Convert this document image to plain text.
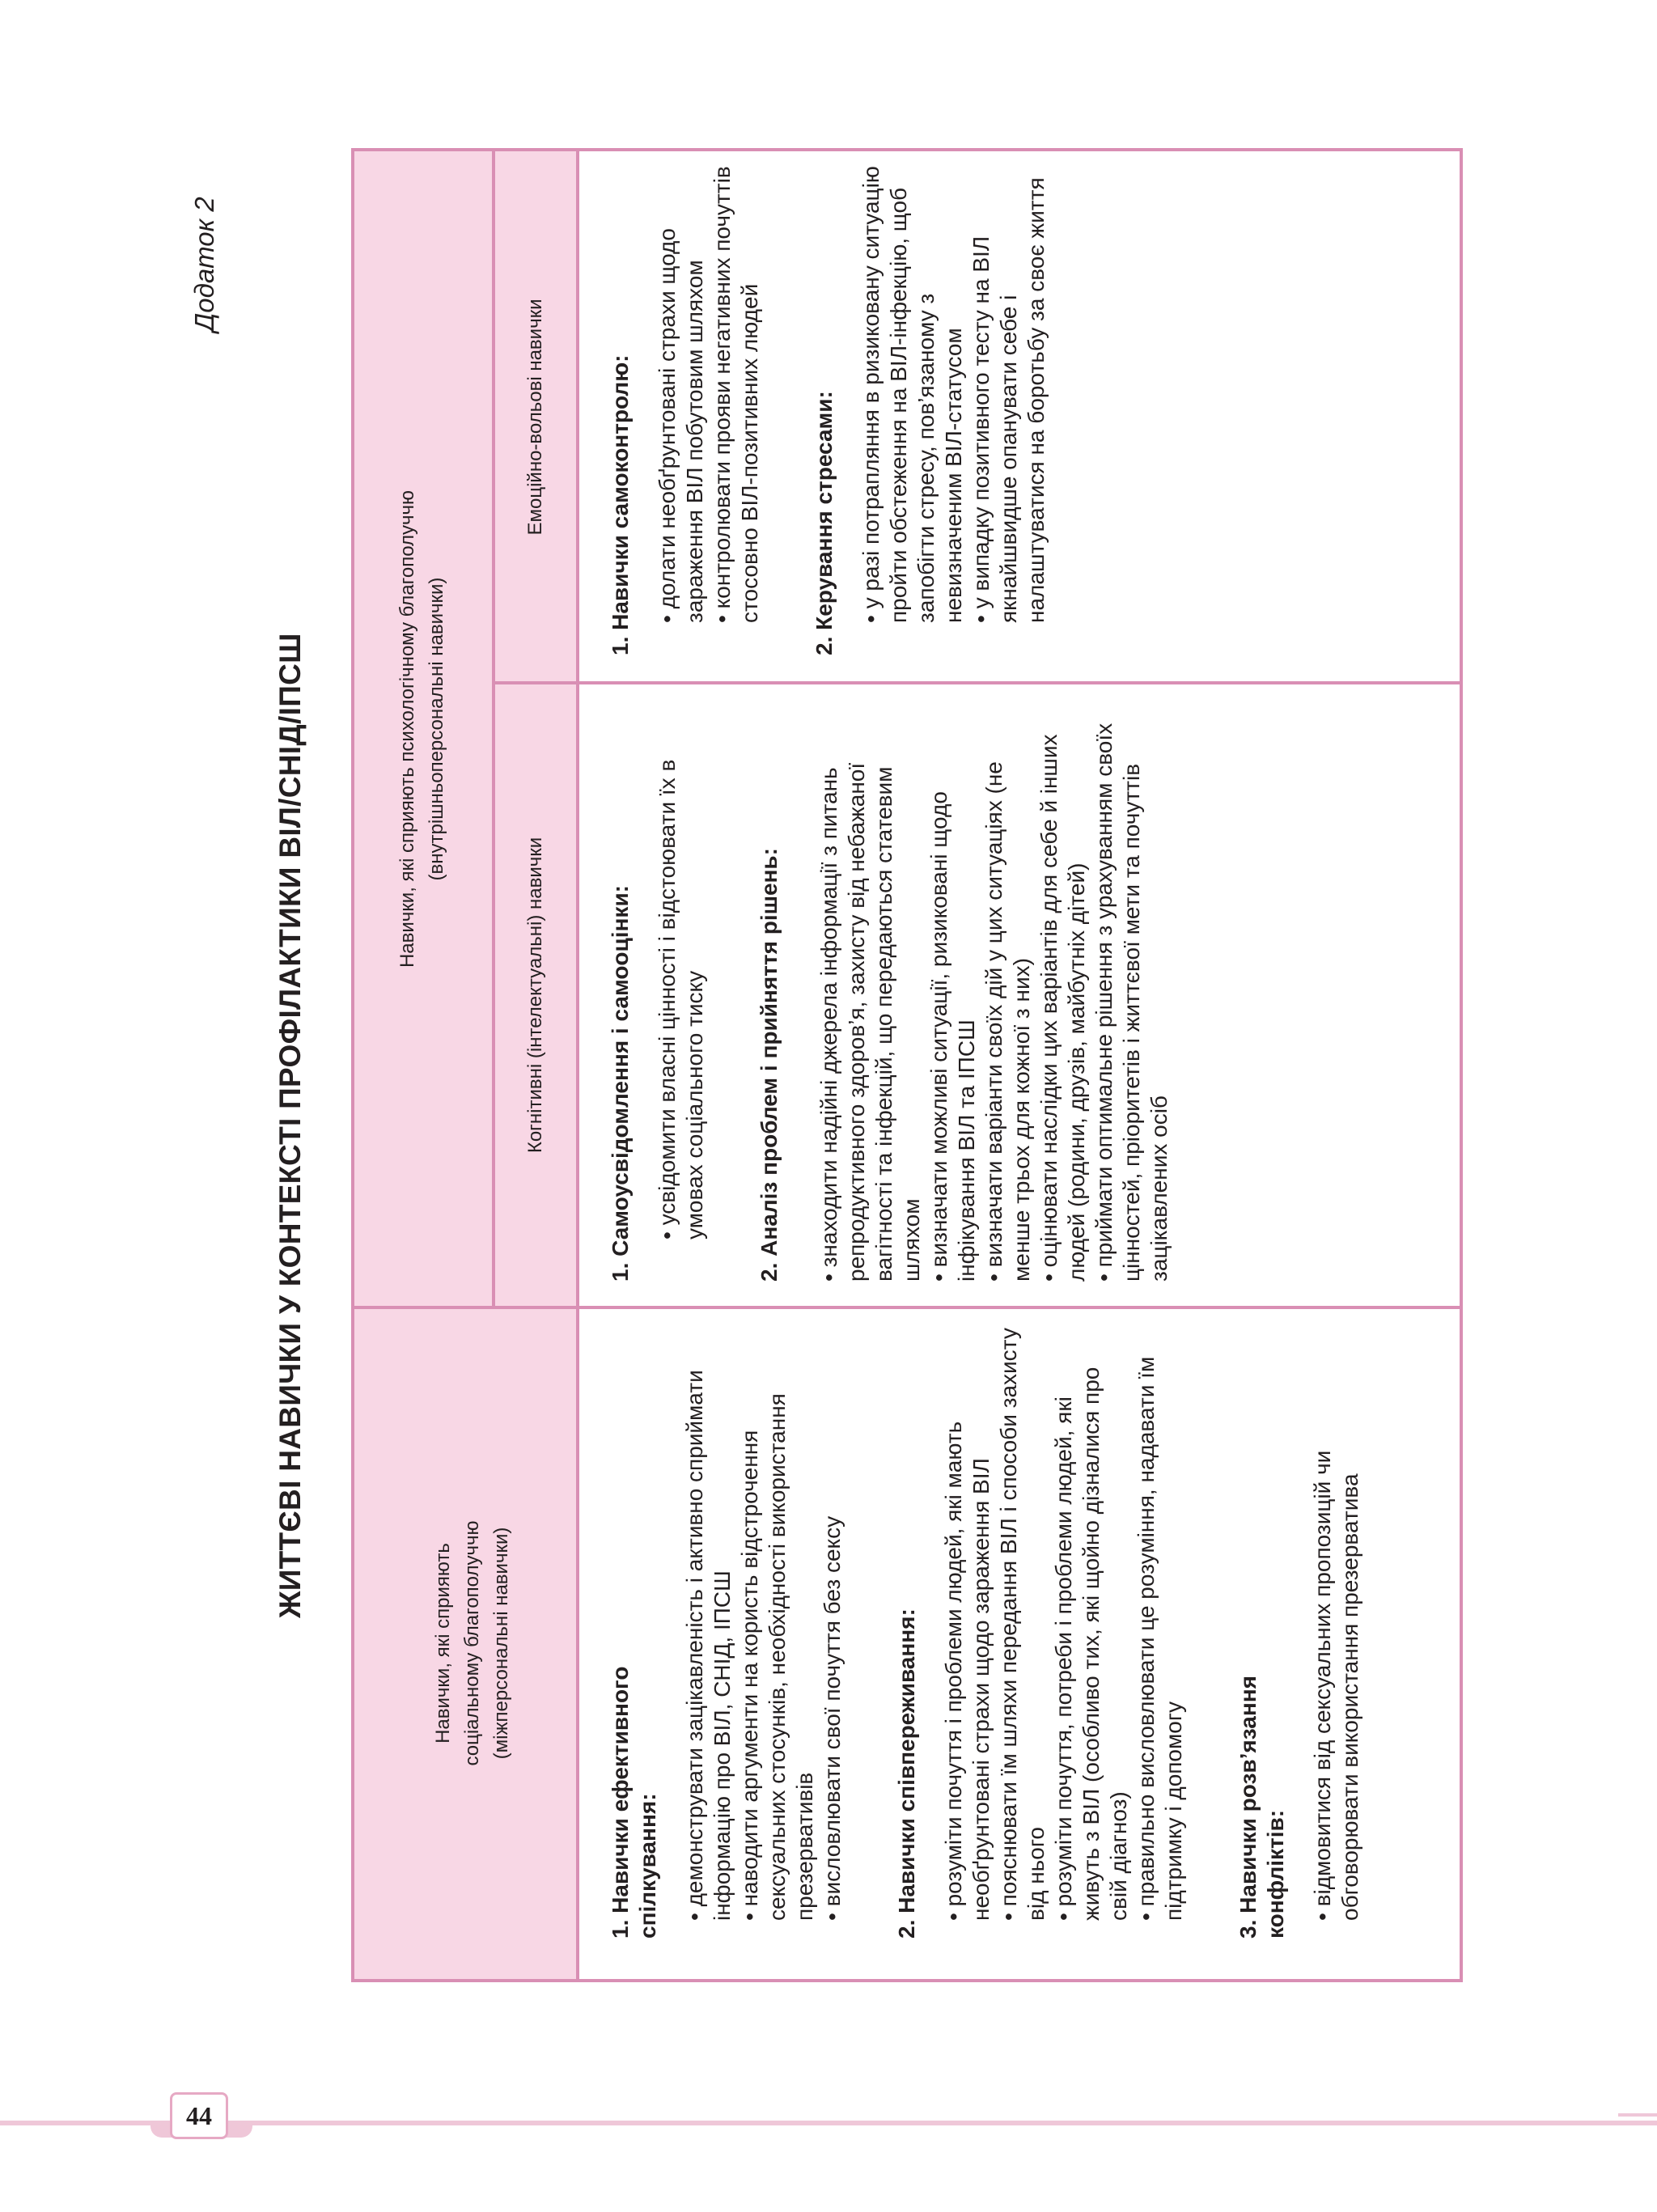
44
Додаток 2
ЖИТТЄВІ НАВИЧКИ У КОНТЕКСТІ ПРОФІЛАКТИКИ ВІЛ/СНІД/ІПСШ
Навички, які сприяють соціальному благополуччю (міжперсональні навички)
Навички, які сприяють психологічному благополуччю (внутрішньоперсональні навички)
Когнітивні (інтелектуальні) навички
Емоційно-вольові навички
1. Навички ефективного спілкування: • демонструвати зацікавленість і активно сприймати інформацію про ВІЛ, СНІД, ІПСШ • наводити аргументи на користь відстрочення сексуальних стосунків, необхідності використання презервативів • висловлювати свої почуття без сексу 2. Навички співпереживання: • розуміти почуття і проблеми людей, які мають необґрунтовані страхи щодо зараження ВІЛ • пояснювати їм шляхи передання ВІЛ і способи захисту від нього • розуміти почуття, потреби і проблеми людей, які живуть з ВІЛ (особливо тих, які щойно дізналися про свій діагноз) • правильно висловлювати це розуміння, надавати їм підтримку і допомогу 3. Навички розв’язання конфліктів: • відмовитися від сексуальних пропозицій чи обговорювати використання презерватива
1. Самоусвідомлення і самооцінки: • усвідомити власні цінності і відстоювати їх в умовах соціального тиску 2. Аналіз проблем і прийняття рішень: • знаходити надійні джерела інформації з питань репродуктивного здоров’я, захисту від небажаної вагітності та інфекцій, що передаються статевим шляхом • визначати можливі ситуації, ризиковані щодо інфікування ВІЛ та ІПСШ • визначати варіанти своїх дій у цих ситуаціях (не менше трьох для кожної з них) • оцінювати наслідки цих варіантів для себе й інших людей (родини, друзів, майбутніх дітей) • приймати оптимальне рішення з урахуванням своїх цінностей, пріоритетів і життєвої мети та почуттів зацікавлених осіб
1. Навички самоконтролю: • долати необґрунтовані страхи щодо зараження ВІЛ побутовим шляхом • контролювати прояви негативних почуттів стосовно ВІЛ-позитивних людей 2. Керування стресами: • у разі потрапляння в ризиковану ситуацію пройти обстеження на ВІЛ-інфекцію, щоб запобігти стресу, пов’язаному з невизначеним ВІЛ-статусом • у випадку позитивного тесту на ВІЛ якнайшвидше опанувати себе і налаштуватися на боротьбу за своє життя
